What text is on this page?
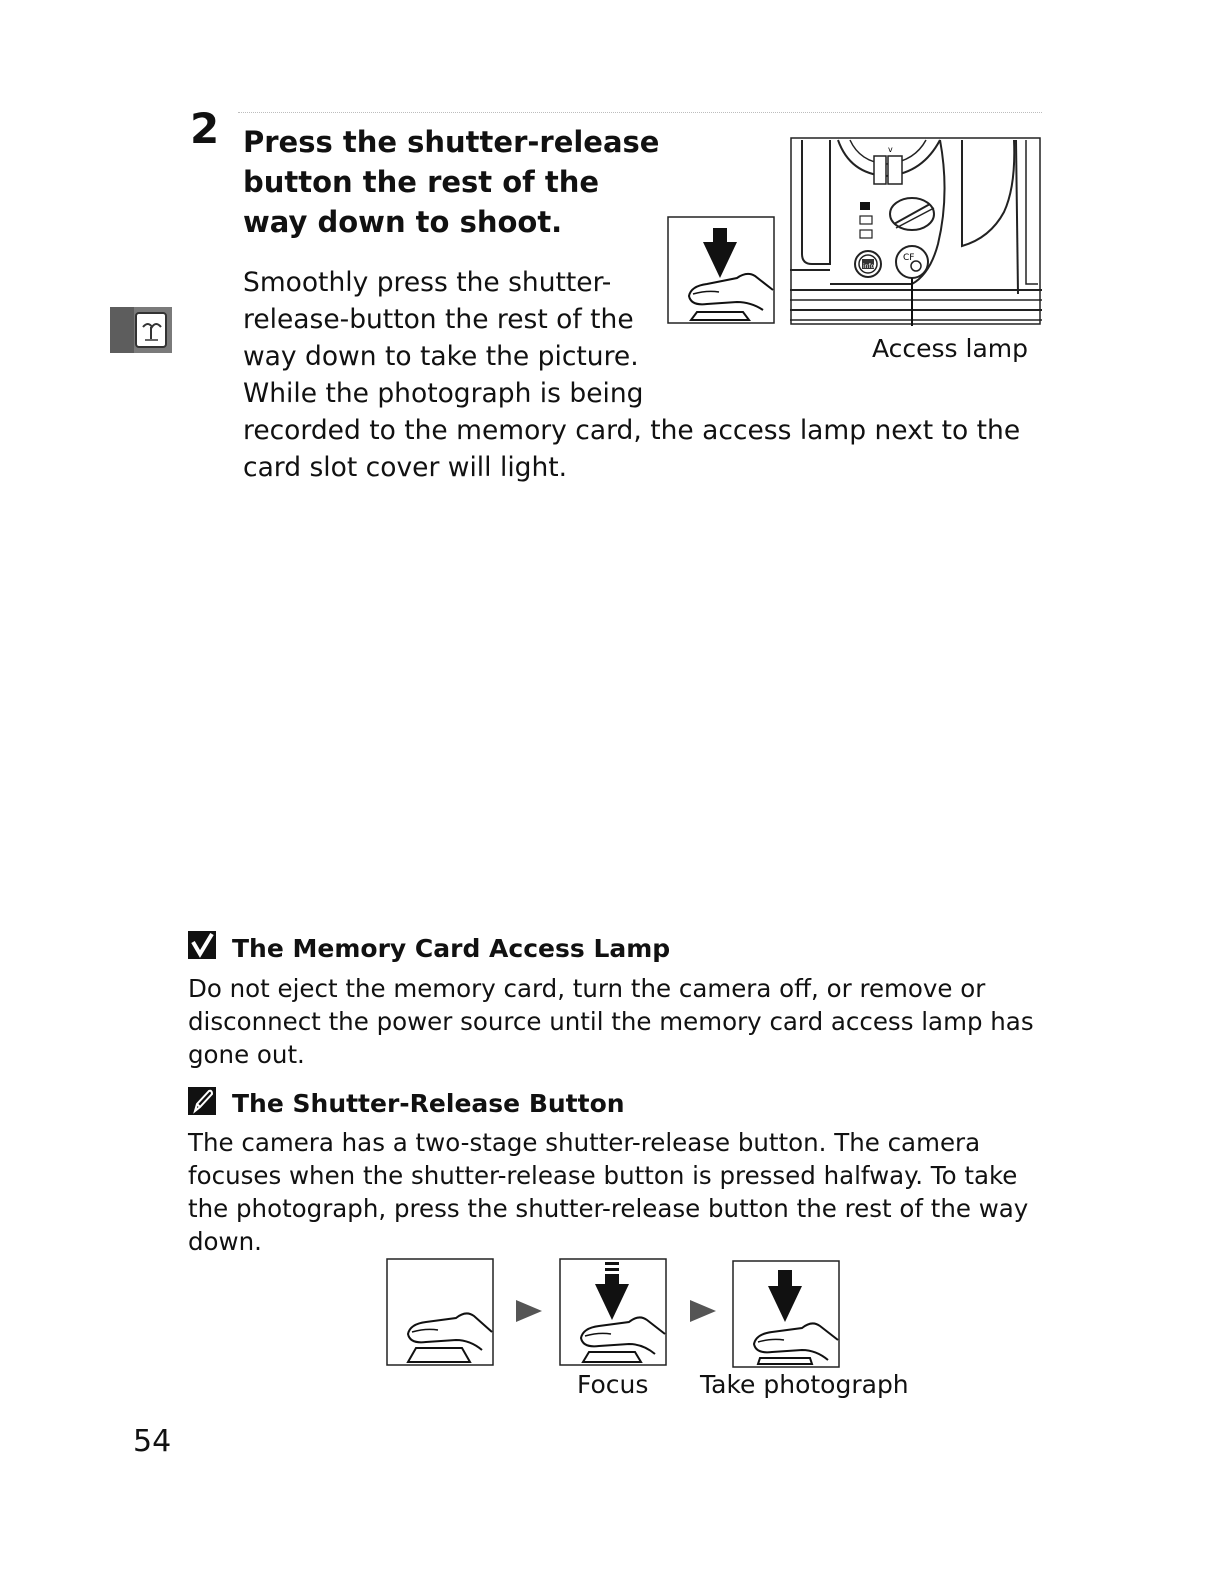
2 Press the shutter-release button the rest of the way down to shoot.

Smoothly press the shutter-release-button the rest of the way down to take the picture. While the photograph is being

recorded to the memory card, the access lamp next to the card slot cover will light.

v
info
CF
Access lamp
The Memory Card Access Lamp

Do not eject the memory card, turn the camera off, or remove or disconnect the power source until the memory card access lamp has gone out.

The Shutter-Release Button

The camera has a two-stage shutter-release button. The camera focuses when the shutter-release button is pressed halfway. To take the photograph, press the shutter-release button the rest of the way down.

Focus Take photograph
54
